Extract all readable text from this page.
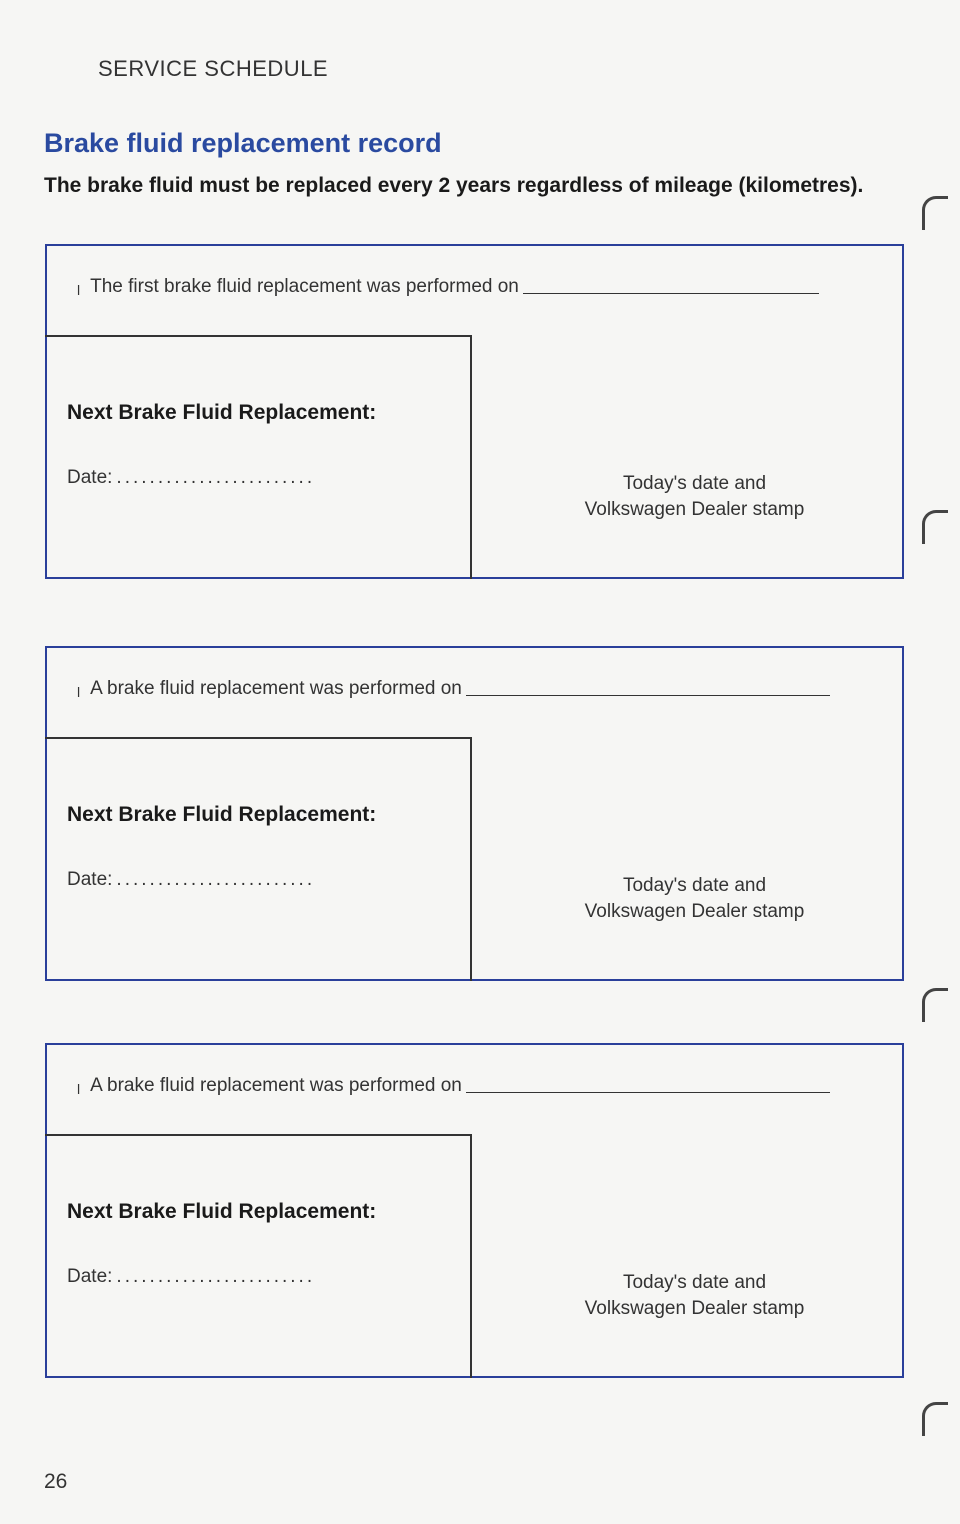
SERVICE SCHEDULE
Brake fluid replacement record
The brake fluid must be replaced every 2 years regardless of mileage (kilometres).
l The first brake fluid replacement was performed on
Next Brake Fluid Replacement:
Date: ........................	Today's date and
Volkswagen Dealer stamp
l A brake fluid replacement was performed on
Next Brake Fluid Replacement:
Date: ........................	Today's date and
Volkswagen Dealer stamp
l A brake fluid replacement was performed on
Next Brake Fluid Replacement:
Date: ........................	Today's date and
Volkswagen Dealer stamp
26
